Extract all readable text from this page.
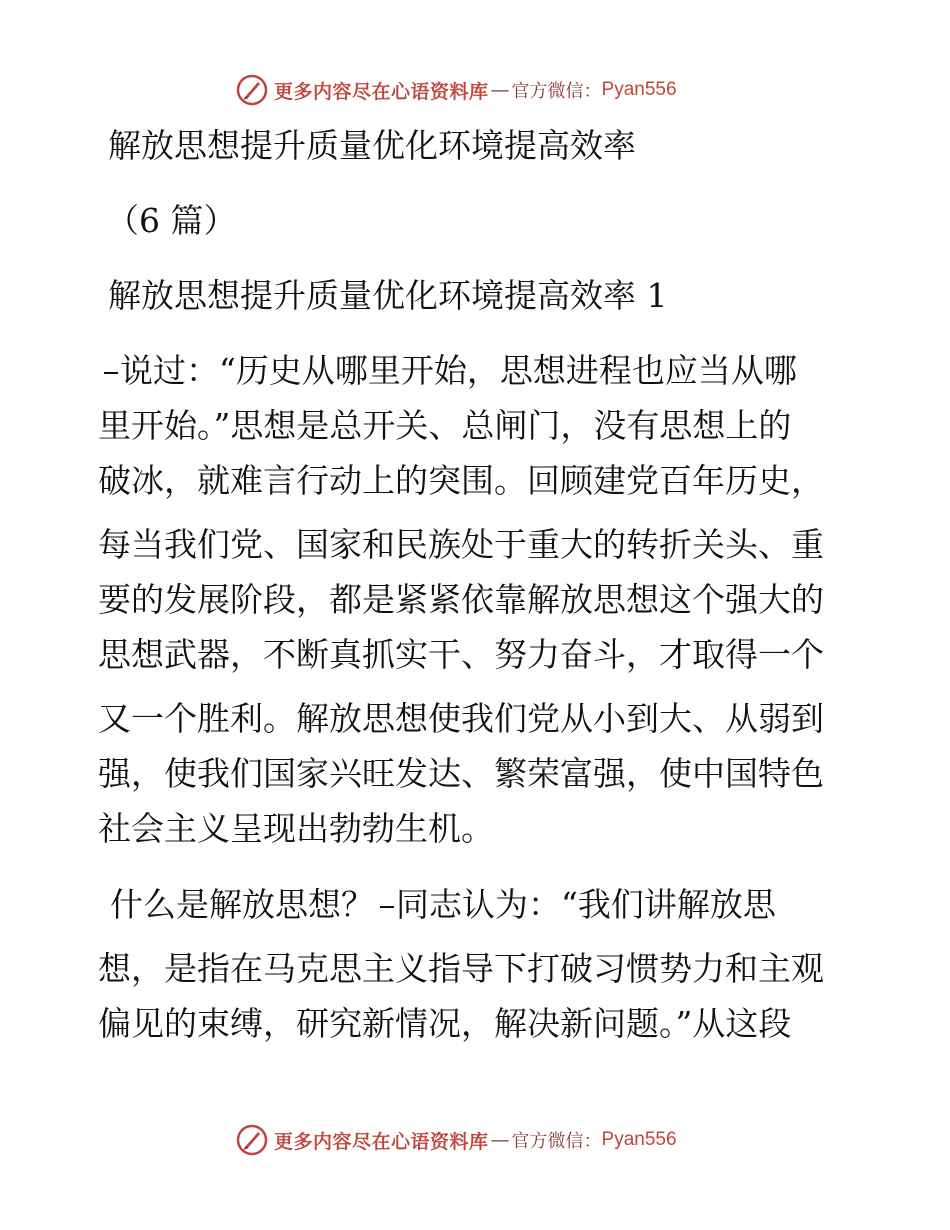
更多内容尽在心语资料库 — 官方微信： Pyan556
解放思想提升质量优化环境提高效率
（6 篇）
解放思想提升质量优化环境提高效率 1
说过：“历史从哪里开始，思想进程也应当从哪
里开始。”思想是总开关、总闸门，没有思想上的
破冰，就难言行动上的突围。回顾建党百年历史，
每当我们党、国家和民族处于重大的转折关头、重
要的发展阶段，都是紧紧依靠解放思想这个强大的
思想武器，不断真抓实干、努力奋斗，才取得一个
又一个胜利。解放思想使我们党从小到大、从弱到
强，使我们国家兴旺发达、繁荣富强，使中国特色
社会主义呈现出勃勃生机。
什么是解放思想？ 同志认为：“我们讲解放思
想，是指在马克思主义指导下打破习惯势力和主观
偏见的束缚，研究新情况，解决新问题。”从这段
更多内容尽在心语资料库 — 官方微信： Pyan556
